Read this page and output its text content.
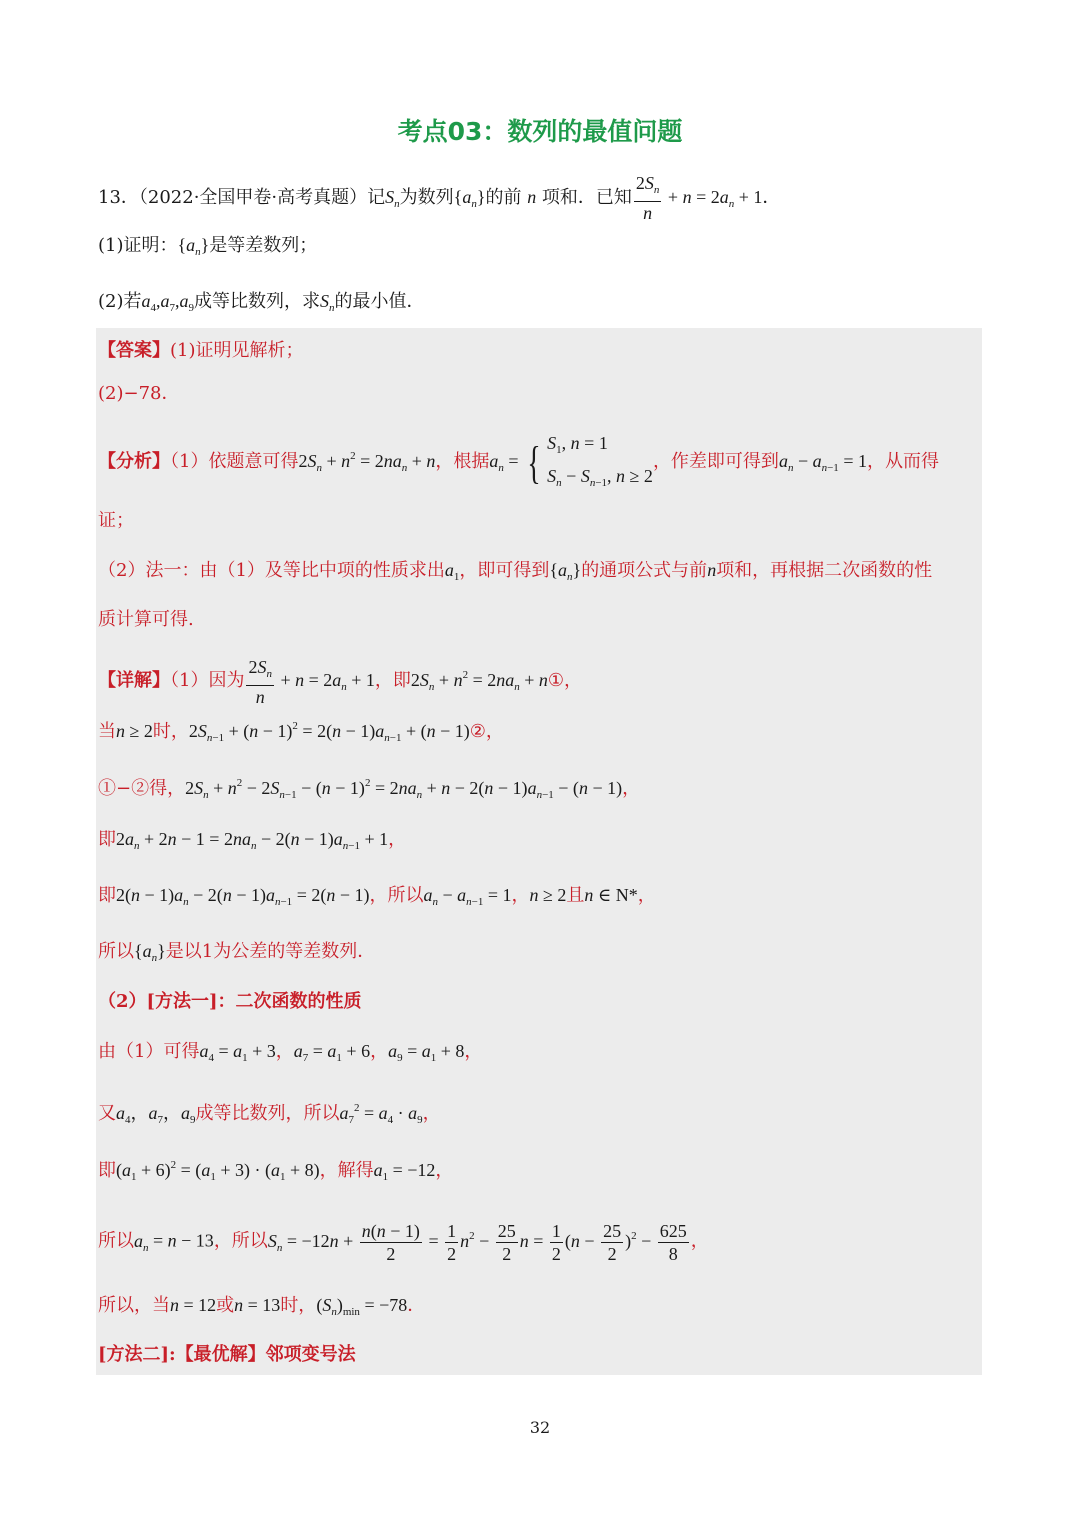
考点03：数列的最值问题
13．（2022·全国甲卷·高考真题）记$S_n$为数列$\{a_n\}$的前 n 项和．已知 $\frac{2S_n}{n} + n = 2a_n + 1$．
(1)证明：$\{a_n\}$是等差数列；
(2)若$a_4,a_7,a_9$成等比数列，求$S_n$的最小值．
【答案】(1)证明见解析；
(2)−78．
【分析】（1）依题意可得$2S_n + n^2 = 2na_n + n$，根据$a_n$ = { $S_1$, n = 1
$S_n - S_{n-1}$, n ≥ 2
，作差即可得到$a_n - a_{n-1} = 1$，从而得
证；
（2）法一：由（1）及等比中项的性质求出$a_1$，即可得到$\{a_n\}$的通项公式与前n项和，再根据二次函数的性
质计算可得.
【详解】（1）因为 $\frac{2S_n}{n} + n = 2a_n + 1$，即$2S_n + n^2 = 2na_n$ + n①，
当n ≥ 2时，$2S_{n-1} + (n - 1)^2 = 2(n - 1)a_{n-1} + (n$ − 1)②，
①−②得，$2S_n + n^2 - 2S_{n-1} - (n - 1)^2 = 2na_n + n - 2(n - 1)a_{n-1} - (n - 1)$，
即$2a_n + 2n - 1 = 2na_n - 2(n - 1)a_{n-1} + 1$，
即$2(n - 1)a_n - 2(n - 1)a_{n-1} = 2(n - 1)$，所以$a_n - a_{n-1} = 1$，n ≥ 2且n ∈ N*，
所以$\{a_n\}$是以1为公差的等差数列．
（2）[方法一]：二次函数的性质
由（1）可得$a_4 = a_1 + 3$，$a_7 = a_1 + 6$，$a_9 = a_1 + 8$，
又$a_4$，$a_7$，$a_9$成等比数列，所以$a_7^2 = a_4 \cdot a_9$，
即$(a_1 + 6)^2 = (a_1 + 3) \cdot (a_1 + 8)$，解得$a_1 = -12$，
所以$a_n = n - 13$，所以$S_n = -12n + \frac{n(n - 1)}{2} = \frac{1}{2} n^2 - \frac{25}{2}$ $n = \frac{1}{2} (n - \frac{25}{2} )^2 - \frac{625}{8}$ ，
所以，当n = 12或n = 13时，$(S_n)_{min} = -78$．
[方法二]:【最优解】邻项变号法
32
